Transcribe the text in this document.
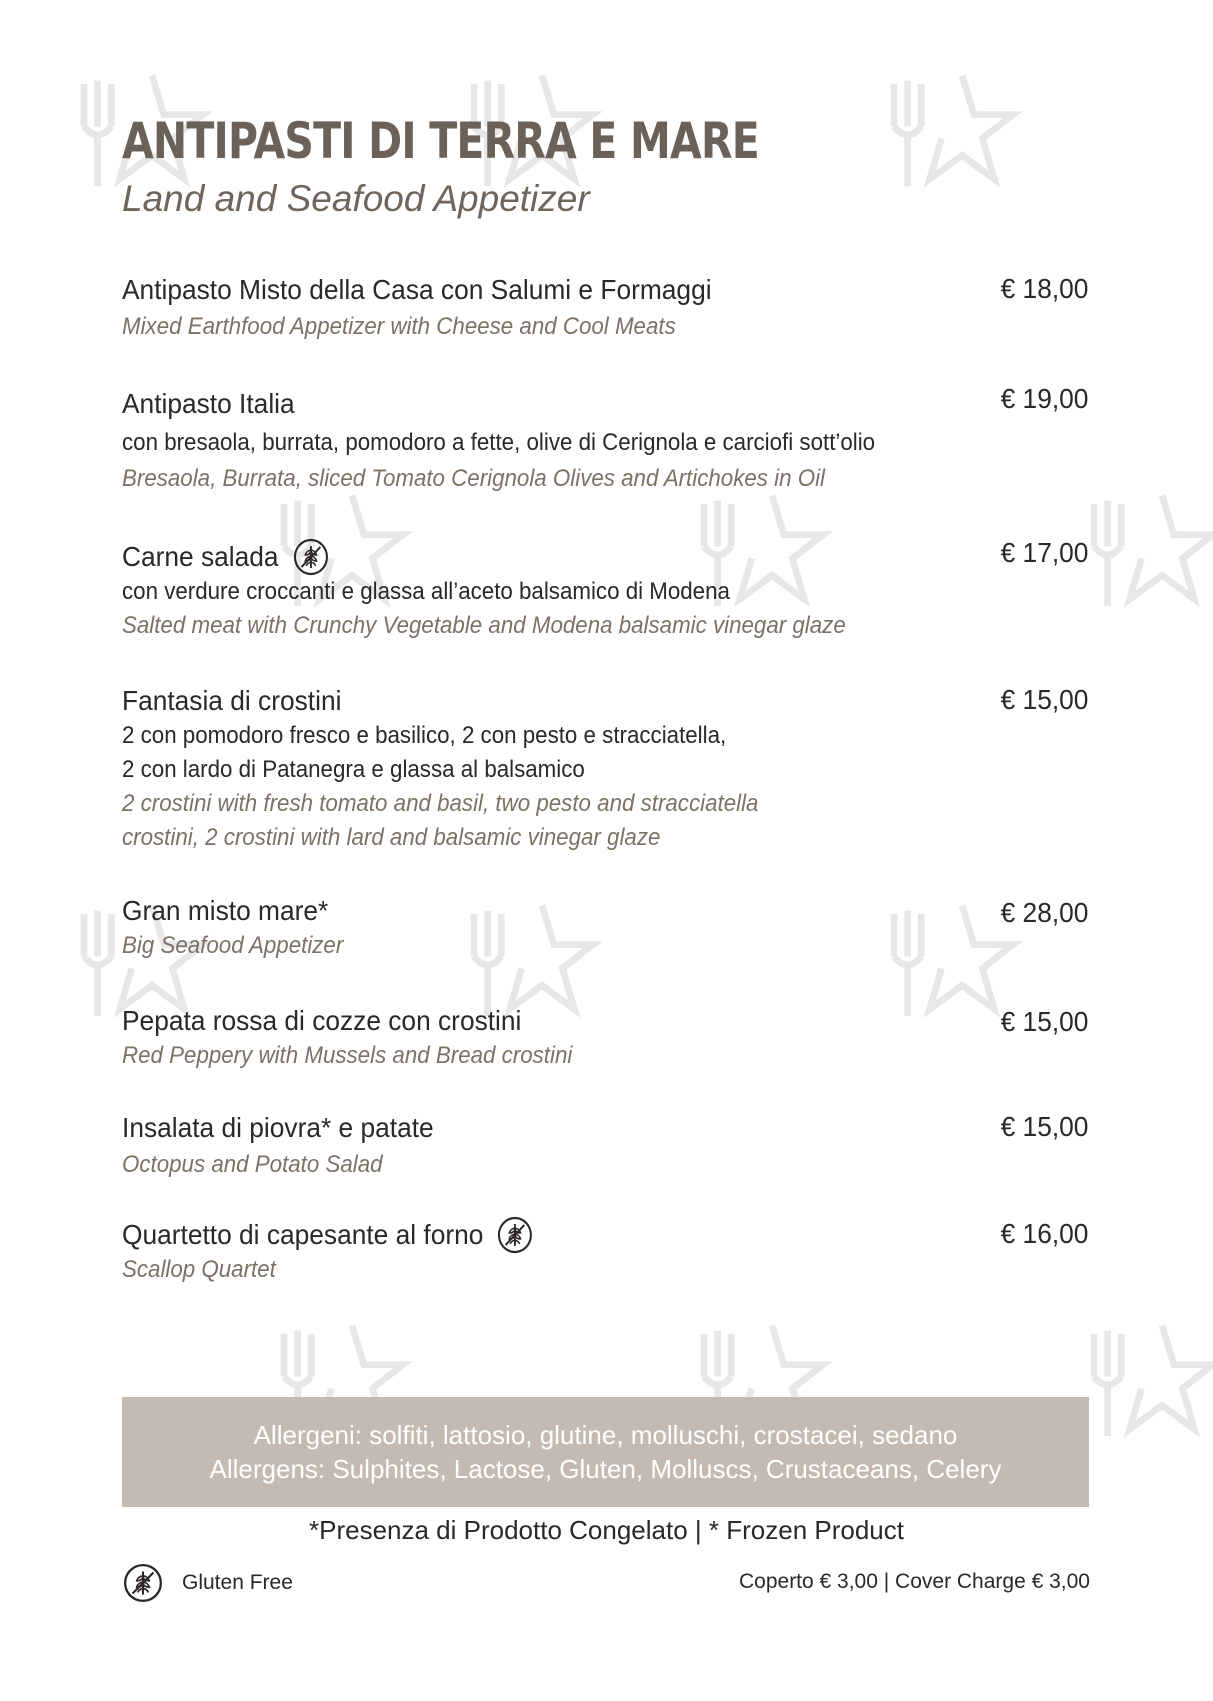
ANTIPASTI DI TERRA E MARE
Land and Seafood Appetizer
Antipasto Misto della Casa con Salumi e Formaggi
Mixed Earthfood Appetizer with Cheese and Cool Meats
€ 18,00
Antipasto Italia
con bresaola, burrata, pomodoro a fette, olive di Cerignola e carciofi sott’olio
Bresaola, Burrata, sliced Tomato Cerignola Olives and Artichokes in Oil
€ 19,00
Carne salada
con verdure croccanti e glassa all’aceto balsamico di Modena
Salted meat with Crunchy Vegetable and Modena balsamic vinegar glaze
€ 17,00
Fantasia di crostini
2 con pomodoro fresco e basilico, 2 con pesto e stracciatella,
2 con lardo di Patanegra e glassa al balsamico
2 crostini with fresh tomato and basil, two pesto and stracciatella
crostini, 2 crostini with lard and balsamic vinegar glaze
€ 15,00
Gran misto mare*
Big Seafood Appetizer
€ 28,00
Pepata rossa di cozze con crostini
Red Peppery with Mussels and Bread crostini
€ 15,00
Insalata di piovra* e patate
Octopus and Potato Salad
€ 15,00
Quartetto di capesante al forno
Scallop Quartet
€ 16,00
Allergeni: solfiti, lattosio, glutine, molluschi, crostacei, sedano
Allergens: Sulphites, Lactose, Gluten, Molluscs, Crustaceans, Celery
*Presenza di Prodotto Congelato | * Frozen Product
Gluten Free	Coperto € 3,00 | Cover Charge € 3,00
